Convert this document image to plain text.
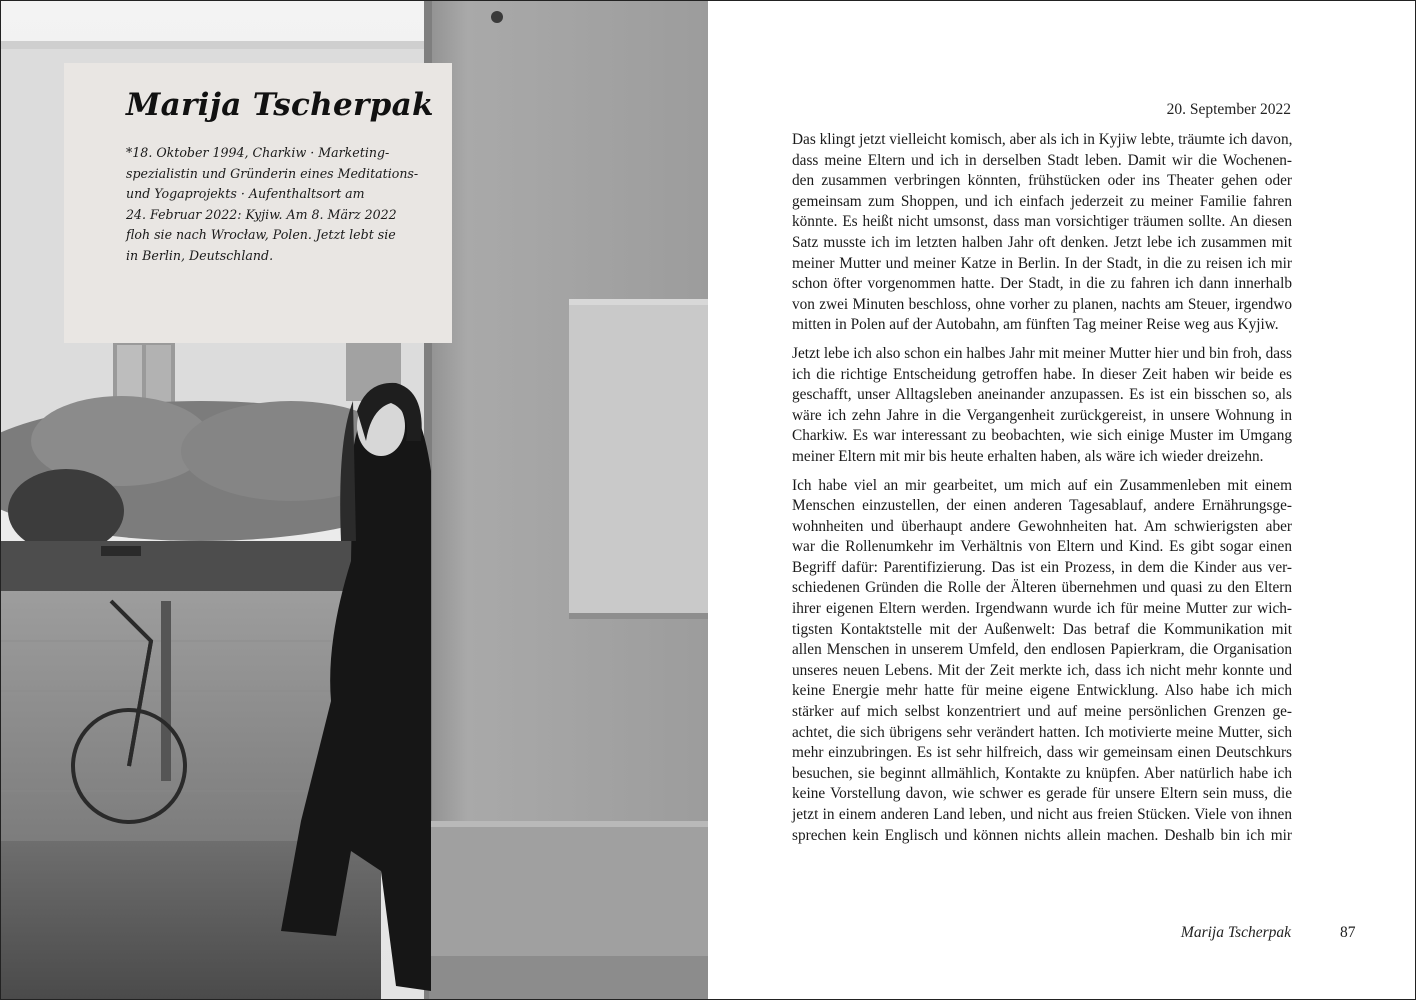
Marija Tscherpak

*18. Oktober 1994, Charkiw · Marketing-
spezialistin und Gründerin eines Meditations-
und Yogaprojekts · Aufenthaltsort am
24. Februar 2022: Kyjiw. Am 8. März 2022
floh sie nach Wrocław, Polen. Jetzt lebt sie
in Berlin, Deutschland.

20. September 2022

Das klingt jetzt vielleicht komisch, aber als ich in Kyjiw lebte, träumte ich davon,
dass meine Eltern und ich in derselben Stadt leben. Damit wir die Wochenen-
den zusammen verbringen könnten, frühstücken oder ins Theater gehen oder
gemeinsam zum Shoppen, und ich einfach jederzeit zu meiner Familie fahren
könnte. Es heißt nicht umsonst, dass man vorsichtiger träumen sollte. An diesen
Satz musste ich im letzten halben Jahr oft denken. Jetzt lebe ich zusammen mit
meiner Mutter und meiner Katze in Berlin. In der Stadt, in die zu reisen ich mir
schon öfter vorgenommen hatte. Der Stadt, in die zu fahren ich dann innerhalb
von zwei Minuten beschloss, ohne vorher zu planen, nachts am Steuer, irgendwo
mitten in Polen auf der Autobahn, am fünften Tag meiner Reise weg aus Kyjiw.

Jetzt lebe ich also schon ein halbes Jahr mit meiner Mutter hier und bin froh, dass
ich die richtige Entscheidung getroffen habe. In dieser Zeit haben wir beide es
geschafft, unser Alltagsleben aneinander anzupassen. Es ist ein bisschen so, als
wäre ich zehn Jahre in die Vergangenheit zurückgereist, in unsere Wohnung in
Charkiw. Es war interessant zu beobachten, wie sich einige Muster im Umgang
meiner Eltern mit mir bis heute erhalten haben, als wäre ich wieder dreizehn.

Ich habe viel an mir gearbeitet, um mich auf ein Zusammenleben mit einem
Menschen einzustellen, der einen anderen Tagesablauf, andere Ernährungsge-
wohnheiten und überhaupt andere Gewohnheiten hat. Am schwierigsten aber
war die Rollenumkehr im Verhältnis von Eltern und Kind. Es gibt sogar einen
Begriff dafür: Parentifizierung. Das ist ein Prozess, in dem die Kinder aus ver-
schiedenen Gründen die Rolle der Älteren übernehmen und quasi zu den Eltern
ihrer eigenen Eltern werden. Irgendwann wurde ich für meine Mutter zur wich-
tigsten Kontaktstelle mit der Außenwelt: Das betraf die Kommunikation mit
allen Menschen in unserem Umfeld, den endlosen Papierkram, die Organisation
unseres neuen Lebens. Mit der Zeit merkte ich, dass ich nicht mehr konnte und
keine Energie mehr hatte für meine eigene Entwicklung. Also habe ich mich
stärker auf mich selbst konzentriert und auf meine persönlichen Grenzen ge-
achtet, die sich übrigens sehr verändert hatten. Ich motivierte meine Mutter, sich
mehr einzubringen. Es ist sehr hilfreich, dass wir gemeinsam einen Deutschkurs
besuchen, sie beginnt allmählich, Kontakte zu knüpfen. Aber natürlich habe ich
keine Vorstellung davon, wie schwer es gerade für unsere Eltern sein muss, die
jetzt in einem anderen Land leben, und nicht aus freien Stücken. Viele von ihnen
sprechen kein Englisch und können nichts allein machen. Deshalb bin ich mir

Marija Tscherpak	87
